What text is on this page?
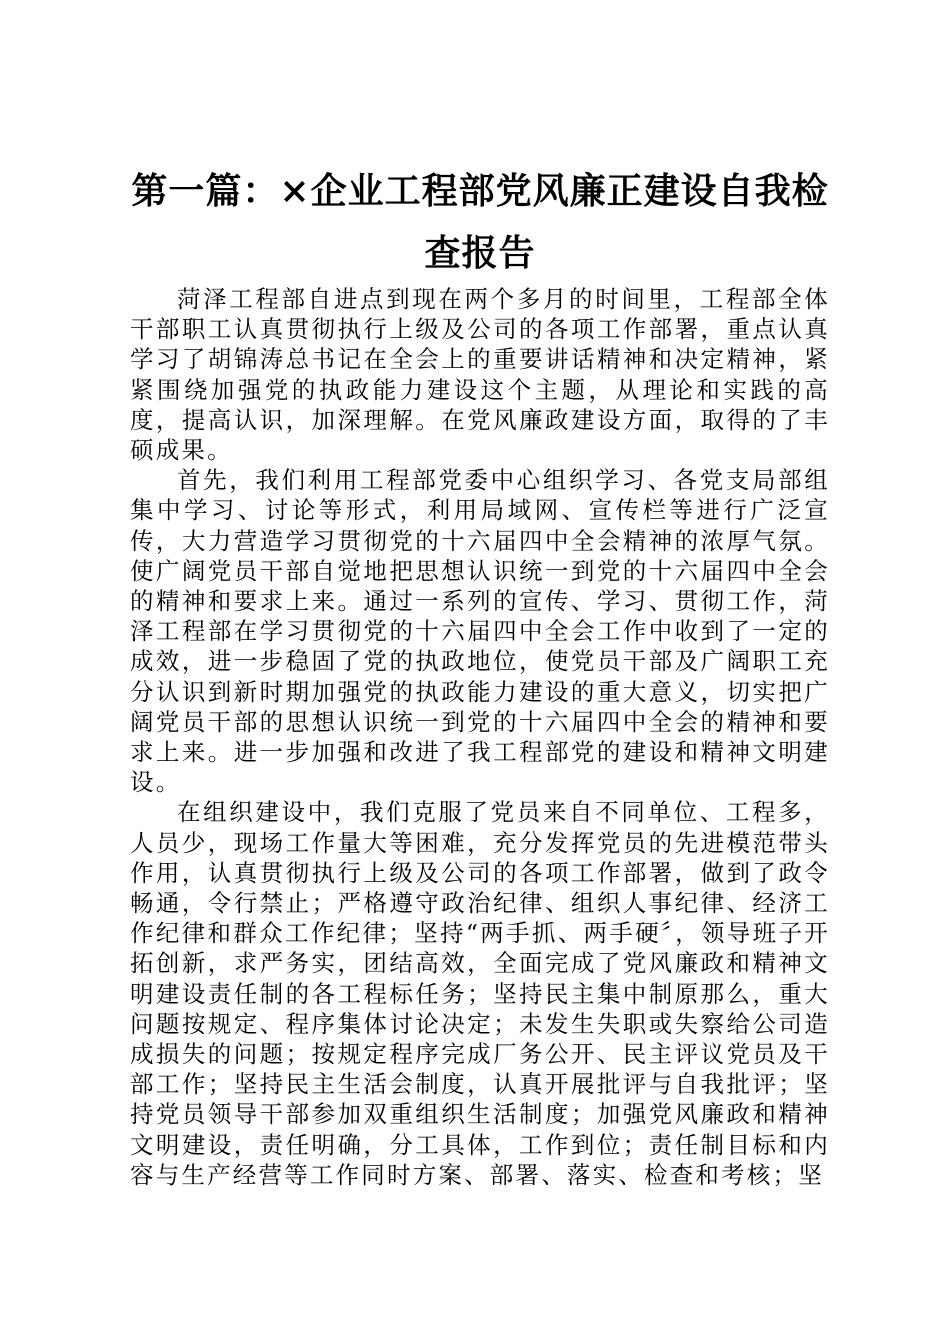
第一篇：×企业工程部党风廉正建设自我检查报告

菏泽工程部自进点到现在两个多月的时间里，工程部全体干部职工认真贯彻执行上级及公司的各项工作部署，重点认真学习了胡锦涛总书记在全会上的重要讲话精神和决定精神，紧紧围绕加强党的执政能力建设这个主题，从理论和实践的高度，提高认识，加深理解。在党风廉政建设方面，取得的了丰硕成果。

首先，我们利用工程部党委中心组织学习、各党支局部组集中学习、讨论等形式，利用局域网、宣传栏等进行广泛宣传，大力营造学习贯彻党的十六届四中全会精神的浓厚气氛。使广阔党员干部自觉地把思想认识统一到党的十六届四中全会的精神和要求上来。通过一系列的宣传、学习、贯彻工作，菏泽工程部在学习贯彻党的十六届四中全会工作中收到了一定的成效，进一步稳固了党的执政地位，使党员干部及广阔职工充分认识到新时期加强党的执政能力建设的重大意义，切实把广阔党员干部的思想认识统一到党的十六届四中全会的精神和要求上来。进一步加强和改进了我工程部党的建设和精神文明建设。

在组织建设中，我们克服了党员来自不同单位、工程多，人员少，现场工作量大等困难，充分发挥党员的先进模范带头作用，认真贯彻执行上级及公司的各项工作部署，做到了政令畅通，令行禁止；严格遵守政治纪律、组织人事纪律、经济工作纪律和群众工作纪律；坚持“两手抓、两手硬〞，领导班子开拓创新，求严务实，团结高效，全面完成了党风廉政和精神文明建设责任制的各工程标任务；坚持民主集中制原那么，重大问题按规定、程序集体讨论决定；未发生失职或失察给公司造成损失的问题；按规定程序完成厂务公开、民主评议党员及干部工作；坚持民主生活会制度，认真开展批评与自我批评；坚持党员领导干部参加双重组织生活制度；加强党风廉政和精神文明建设，责任明确，分工具体，工作到位；责任制目标和内容与生产经营等工作同时方案、部署、落实、检查和考核；坚
